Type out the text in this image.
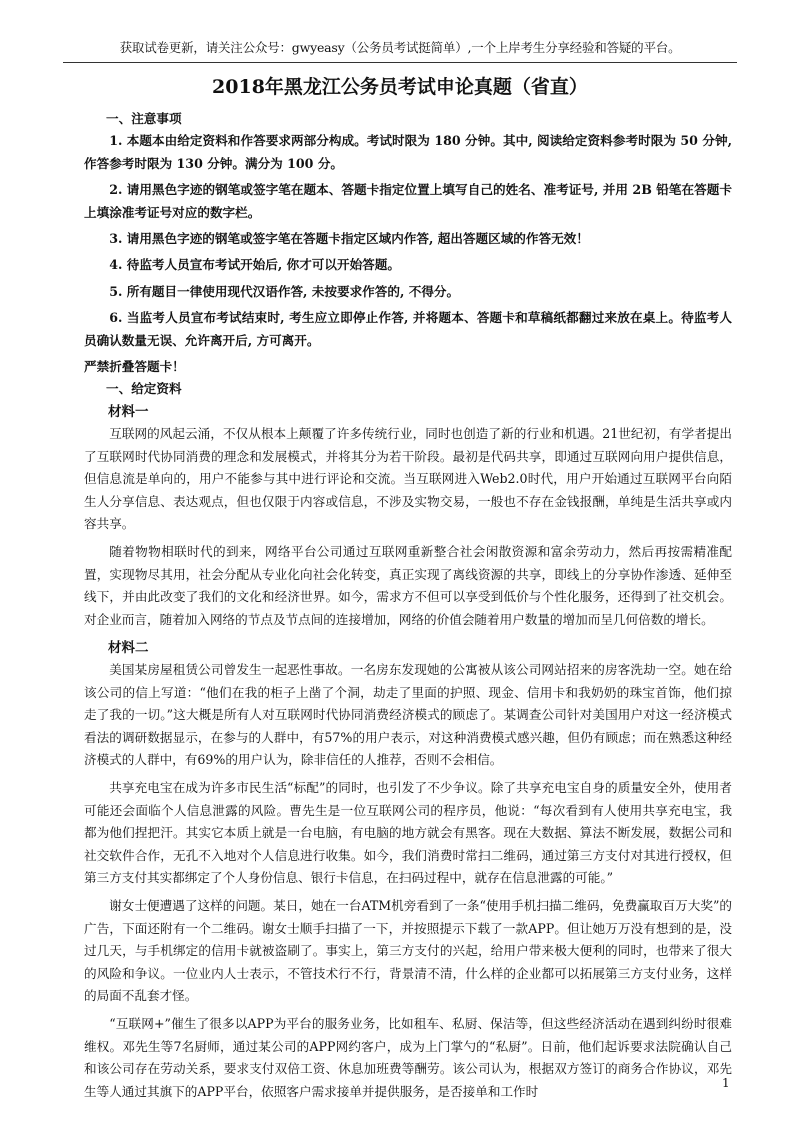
获取试卷更新，请关注公众号：gwyeasy（公务员考试挺简单）,一个上岸考生分享经验和答疑的平台。
2018年黑龙江公务员考试申论真题（省直）

一、注意事项

1. 本题本由给定资料和作答要求两部分构成。考试时限为 180 分钟。其中, 阅读给定资料参考时限为 50 分钟, 作答参考时限为 130 分钟。满分为 100 分。

2. 请用黑色字迹的钢笔或签字笔在题本、答题卡指定位置上填写自己的姓名、准考证号, 并用 2B 铅笔在答题卡上填涂准考证号对应的数字栏。

3. 请用黑色字迹的钢笔或签字笔在答题卡指定区域内作答, 超出答题区域的作答无效！

4. 待监考人员宣布考试开始后, 你才可以开始答题。

5. 所有题目一律使用现代汉语作答, 未按要求作答的, 不得分。

6. 当监考人员宣布考试结束时, 考生应立即停止作答, 并将题本、答题卡和草稿纸都翻过来放在桌上。待监考人员确认数量无误、允许离开后, 方可离开。

严禁折叠答题卡！

一、给定资料

材料一

互联网的风起云涌，不仅从根本上颠覆了许多传统行业，同时也创造了新的行业和机遇。21世纪初，有学者提出了互联网时代协同消费的理念和发展模式，并将其分为若干阶段。最初是代码共享，即通过互联网向用户提供信息，但信息流是单向的，用户不能参与其中进行评论和交流。当互联网进入Web2.0时代，用户开始通过互联网平台向陌生人分享信息、表达观点，但也仅限于内容或信息，不涉及实物交易，一般也不存在金钱报酬，单纯是生活共享或内容共享。

随着物物相联时代的到来，网络平台公司通过互联网重新整合社会闲散资源和富余劳动力，然后再按需精准配置，实现物尽其用，社会分配从专业化向社会化转变，真正实现了离线资源的共享，即线上的分享协作渗透、延伸至线下，并由此改变了我们的文化和经济世界。如今，需求方不但可以享受到低价与个性化服务，还得到了社交机会。对企业而言，随着加入网络的节点及节点间的连接增加，网络的价值会随着用户数量的增加而呈几何倍数的增长。

材料二

美国某房屋租赁公司曾发生一起恶性事故。一名房东发现她的公寓被从该公司网站招来的房客洗劫一空。她在给该公司的信上写道：“他们在我的柜子上凿了个洞，劫走了里面的护照、现金、信用卡和我奶奶的珠宝首饰，他们掠走了我的一切。”这大概是所有人对互联网时代协同消费经济模式的顾虑了。某调查公司针对美国用户对这一经济模式看法的调研数据显示，在参与的人群中，有57%的用户表示，对这种消费模式感兴趣，但仍有顾虑；而在熟悉这种经济模式的人群中，有69%的用户认为，除非信任的人推荐，否则不会相信。

共享充电宝在成为许多市民生活“标配”的同时，也引发了不少争议。除了共享充电宝自身的质量安全外，使用者可能还会面临个人信息泄露的风险。曹先生是一位互联网公司的程序员，他说：“每次看到有人使用共享充电宝，我都为他们捏把汗。其实它本质上就是一台电脑，有电脑的地方就会有黑客。现在大数据、算法不断发展，数据公司和社交软件合作，无孔不入地对个人信息进行收集。如今，我们消费时常扫二维码，通过第三方支付对其进行授权，但第三方支付其实都绑定了个人身份信息、银行卡信息，在扫码过程中，就存在信息泄露的可能。”

谢女士便遭遇了这样的问题。某日，她在一台ATM机旁看到了一条“使用手机扫描二维码，免费赢取百万大奖”的广告，下面还附有一个二维码。谢女士顺手扫描了一下，并按照提示下载了一款APP。但让她万万没有想到的是，没过几天，与手机绑定的信用卡就被盗刷了。事实上，第三方支付的兴起，给用户带来极大便利的同时，也带来了很大的风险和争议。一位业内人士表示，不管技术行不行，背景清不清，什么样的企业都可以拓展第三方支付业务，这样的局面不乱套才怪。

“互联网+”催生了很多以APP为平台的服务业务，比如租车、私厨、保洁等，但这些经济活动在遇到纠纷时很难维权。邓先生等7名厨师，通过某公司的APP网约客户，成为上门掌勺的“私厨”。日前，他们起诉要求法院确认自己和该公司存在劳动关系，要求支付双倍工资、休息加班费等酬劳。该公司认为，根据双方签订的商务合作协议，邓先生等人通过其旗下的APP平台，依照客户需求接单并提供服务，是否接单和工作时

1
